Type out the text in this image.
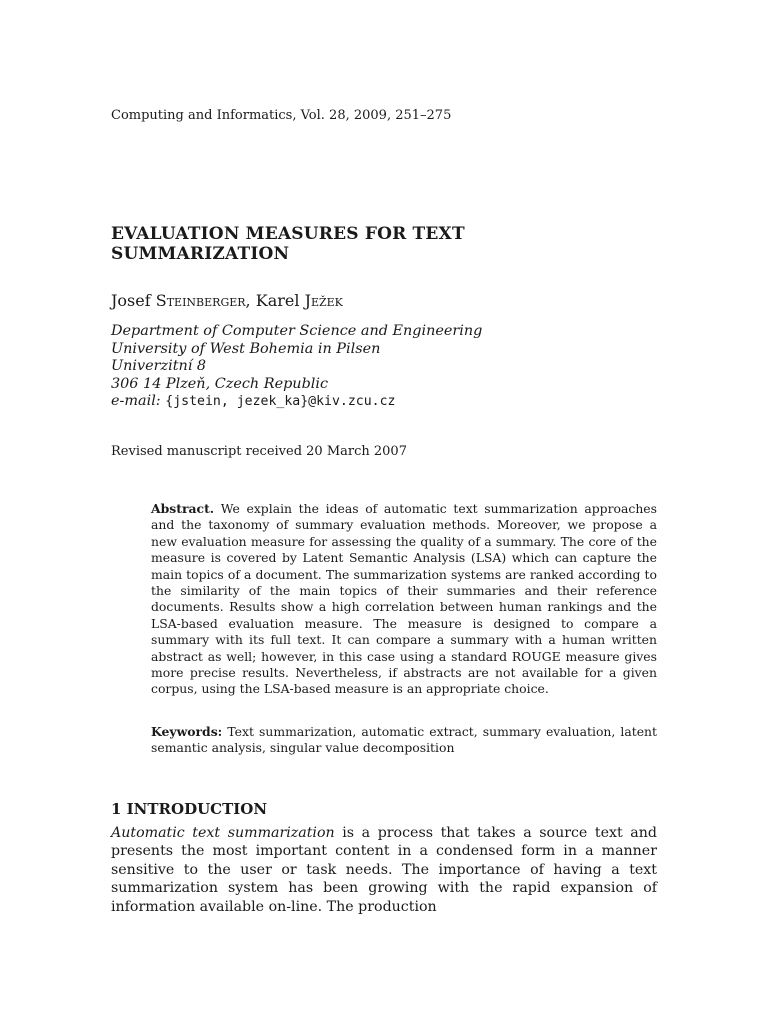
Computing and Informatics, Vol. 28, 2009, 251–275
EVALUATION MEASURES FOR TEXT
SUMMARIZATION
Josef Steinberger, Karel Ježek
Department of Computer Science and Engineering
University of West Bohemia in Pilsen
Univerzitní 8
306 14 Plzeň, Czech Republic
e-mail: {jstein, jezek_ka}@kiv.zcu.cz
Revised manuscript received 20 March 2007

Abstract. We explain the ideas of automatic text summarization approaches and the taxonomy of summary evaluation methods. Moreover, we propose a new evaluation measure for assessing the quality of a summary. The core of the measure is covered by Latent Semantic Analysis (LSA) which can capture the main topics of a document. The summarization systems are ranked according to the similarity of the main topics of their summaries and their reference documents. Results show a high correlation between human rankings and the LSA-based evaluation measure. The measure is designed to compare a summary with its full text. It can compare a summary with a human written abstract as well; however, in this case using a standard ROUGE measure gives more precise results. Nevertheless, if abstracts are not available for a given corpus, using the LSA-based measure is an appropriate choice.

Keywords: Text summarization, automatic extract, summary evaluation, latent semantic analysis, singular value decomposition

1 INTRODUCTION

Automatic text summarization is a process that takes a source text and presents the most important content in a condensed form in a manner sensitive to the user or task needs. The importance of having a text summarization system has been growing with the rapid expansion of information available on-line. The production
